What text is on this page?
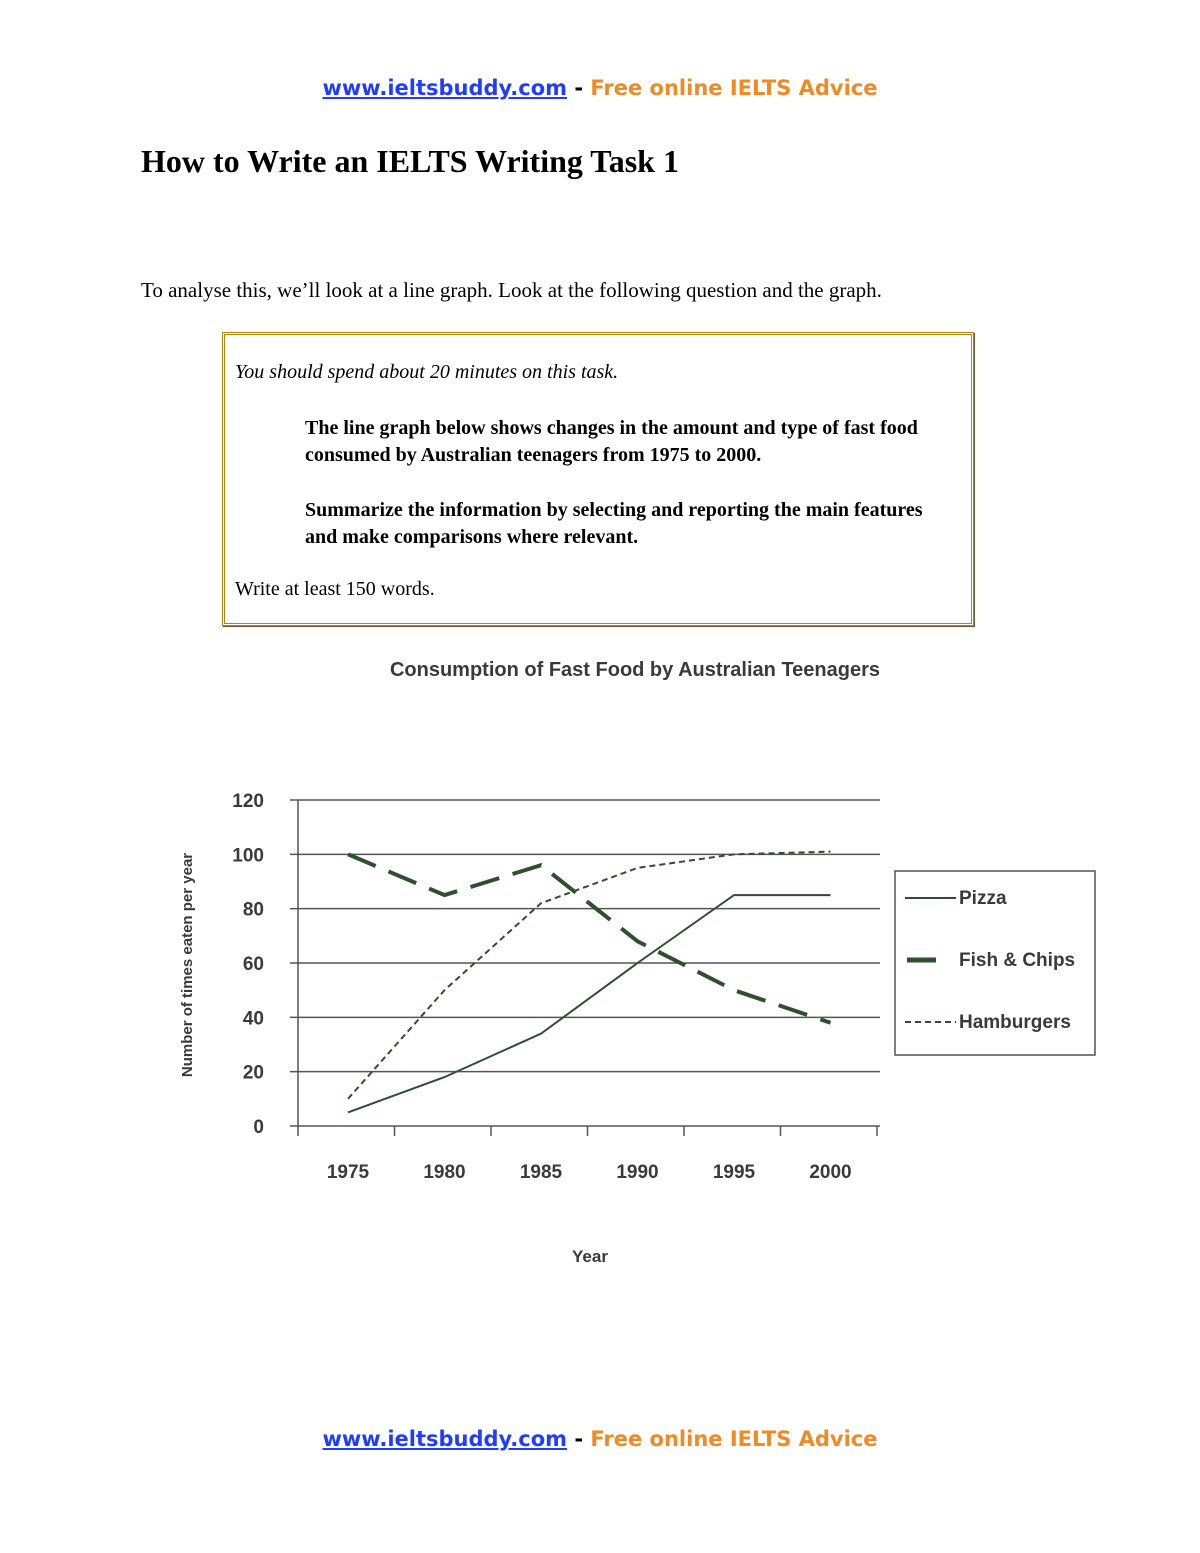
www.ieltsbuddy.com - Free online IELTS Advice
How to Write an IELTS Writing Task 1

To analyse this, we’ll look at a line graph. Look at the following question and the graph.

You should spend about 20 minutes on this task.

The line graph below shows changes in the amount and type of fast food consumed by Australian teenagers from 1975 to 2000.

Summarize the information by selecting and reporting the main features and make comparisons where relevant.

Write at least 150 words.

Consumption of Fast Food by Australian Teenagers
Year
Number of times eaten per year
0
20
40
60
80
100
120
1975	1980	1985	1990	1995	2000
Pizza
Fish & Chips
Hamburgers
www.ieltsbuddy.com - Free online IELTS Advice
